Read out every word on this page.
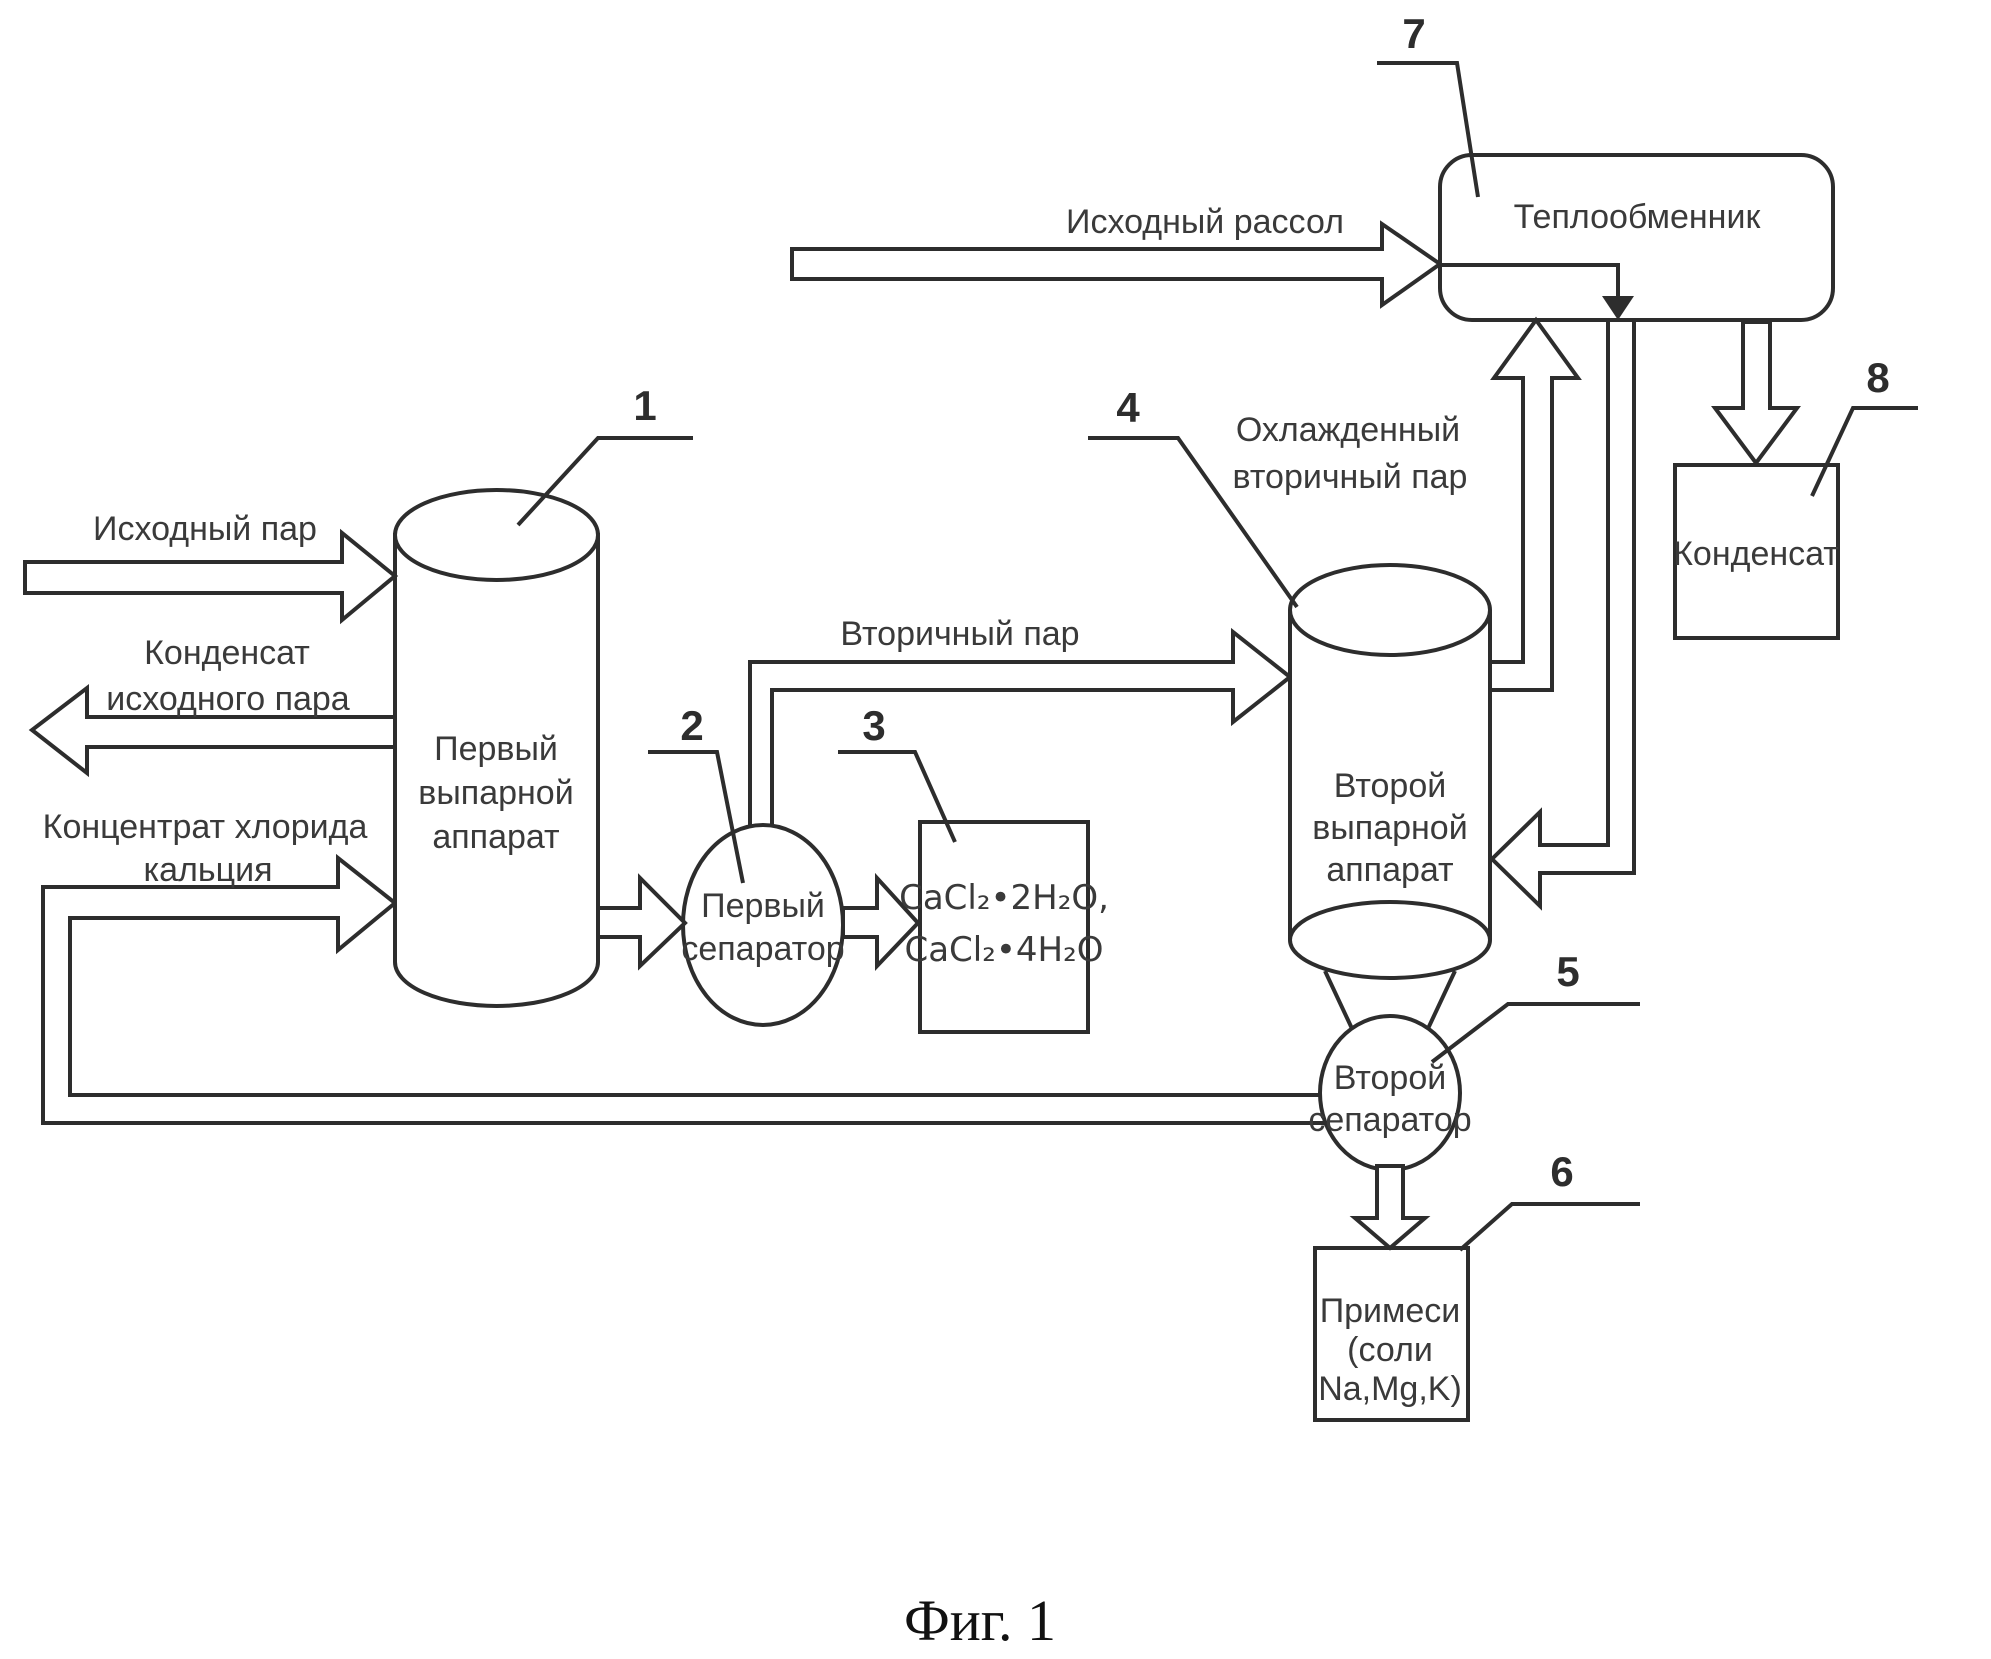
1
2	3
4
5
6
7
8
Первый
выпарной
аппарат
Первый
сепаратор
CaCl₂•2H₂O,
CaCl₂•4H₂O
Второй
выпарной
аппарат
Второй
сепаратор
Примеси
(соли
Na,Mg,K)
Теплообменник
Конденсат
Исходный пар
Конденсат
исходного пара
Концентрат хлорида
кальция
Вторичный пар
Исходный рассол
Охлажденный
вторичный пар
Фиг. 1
